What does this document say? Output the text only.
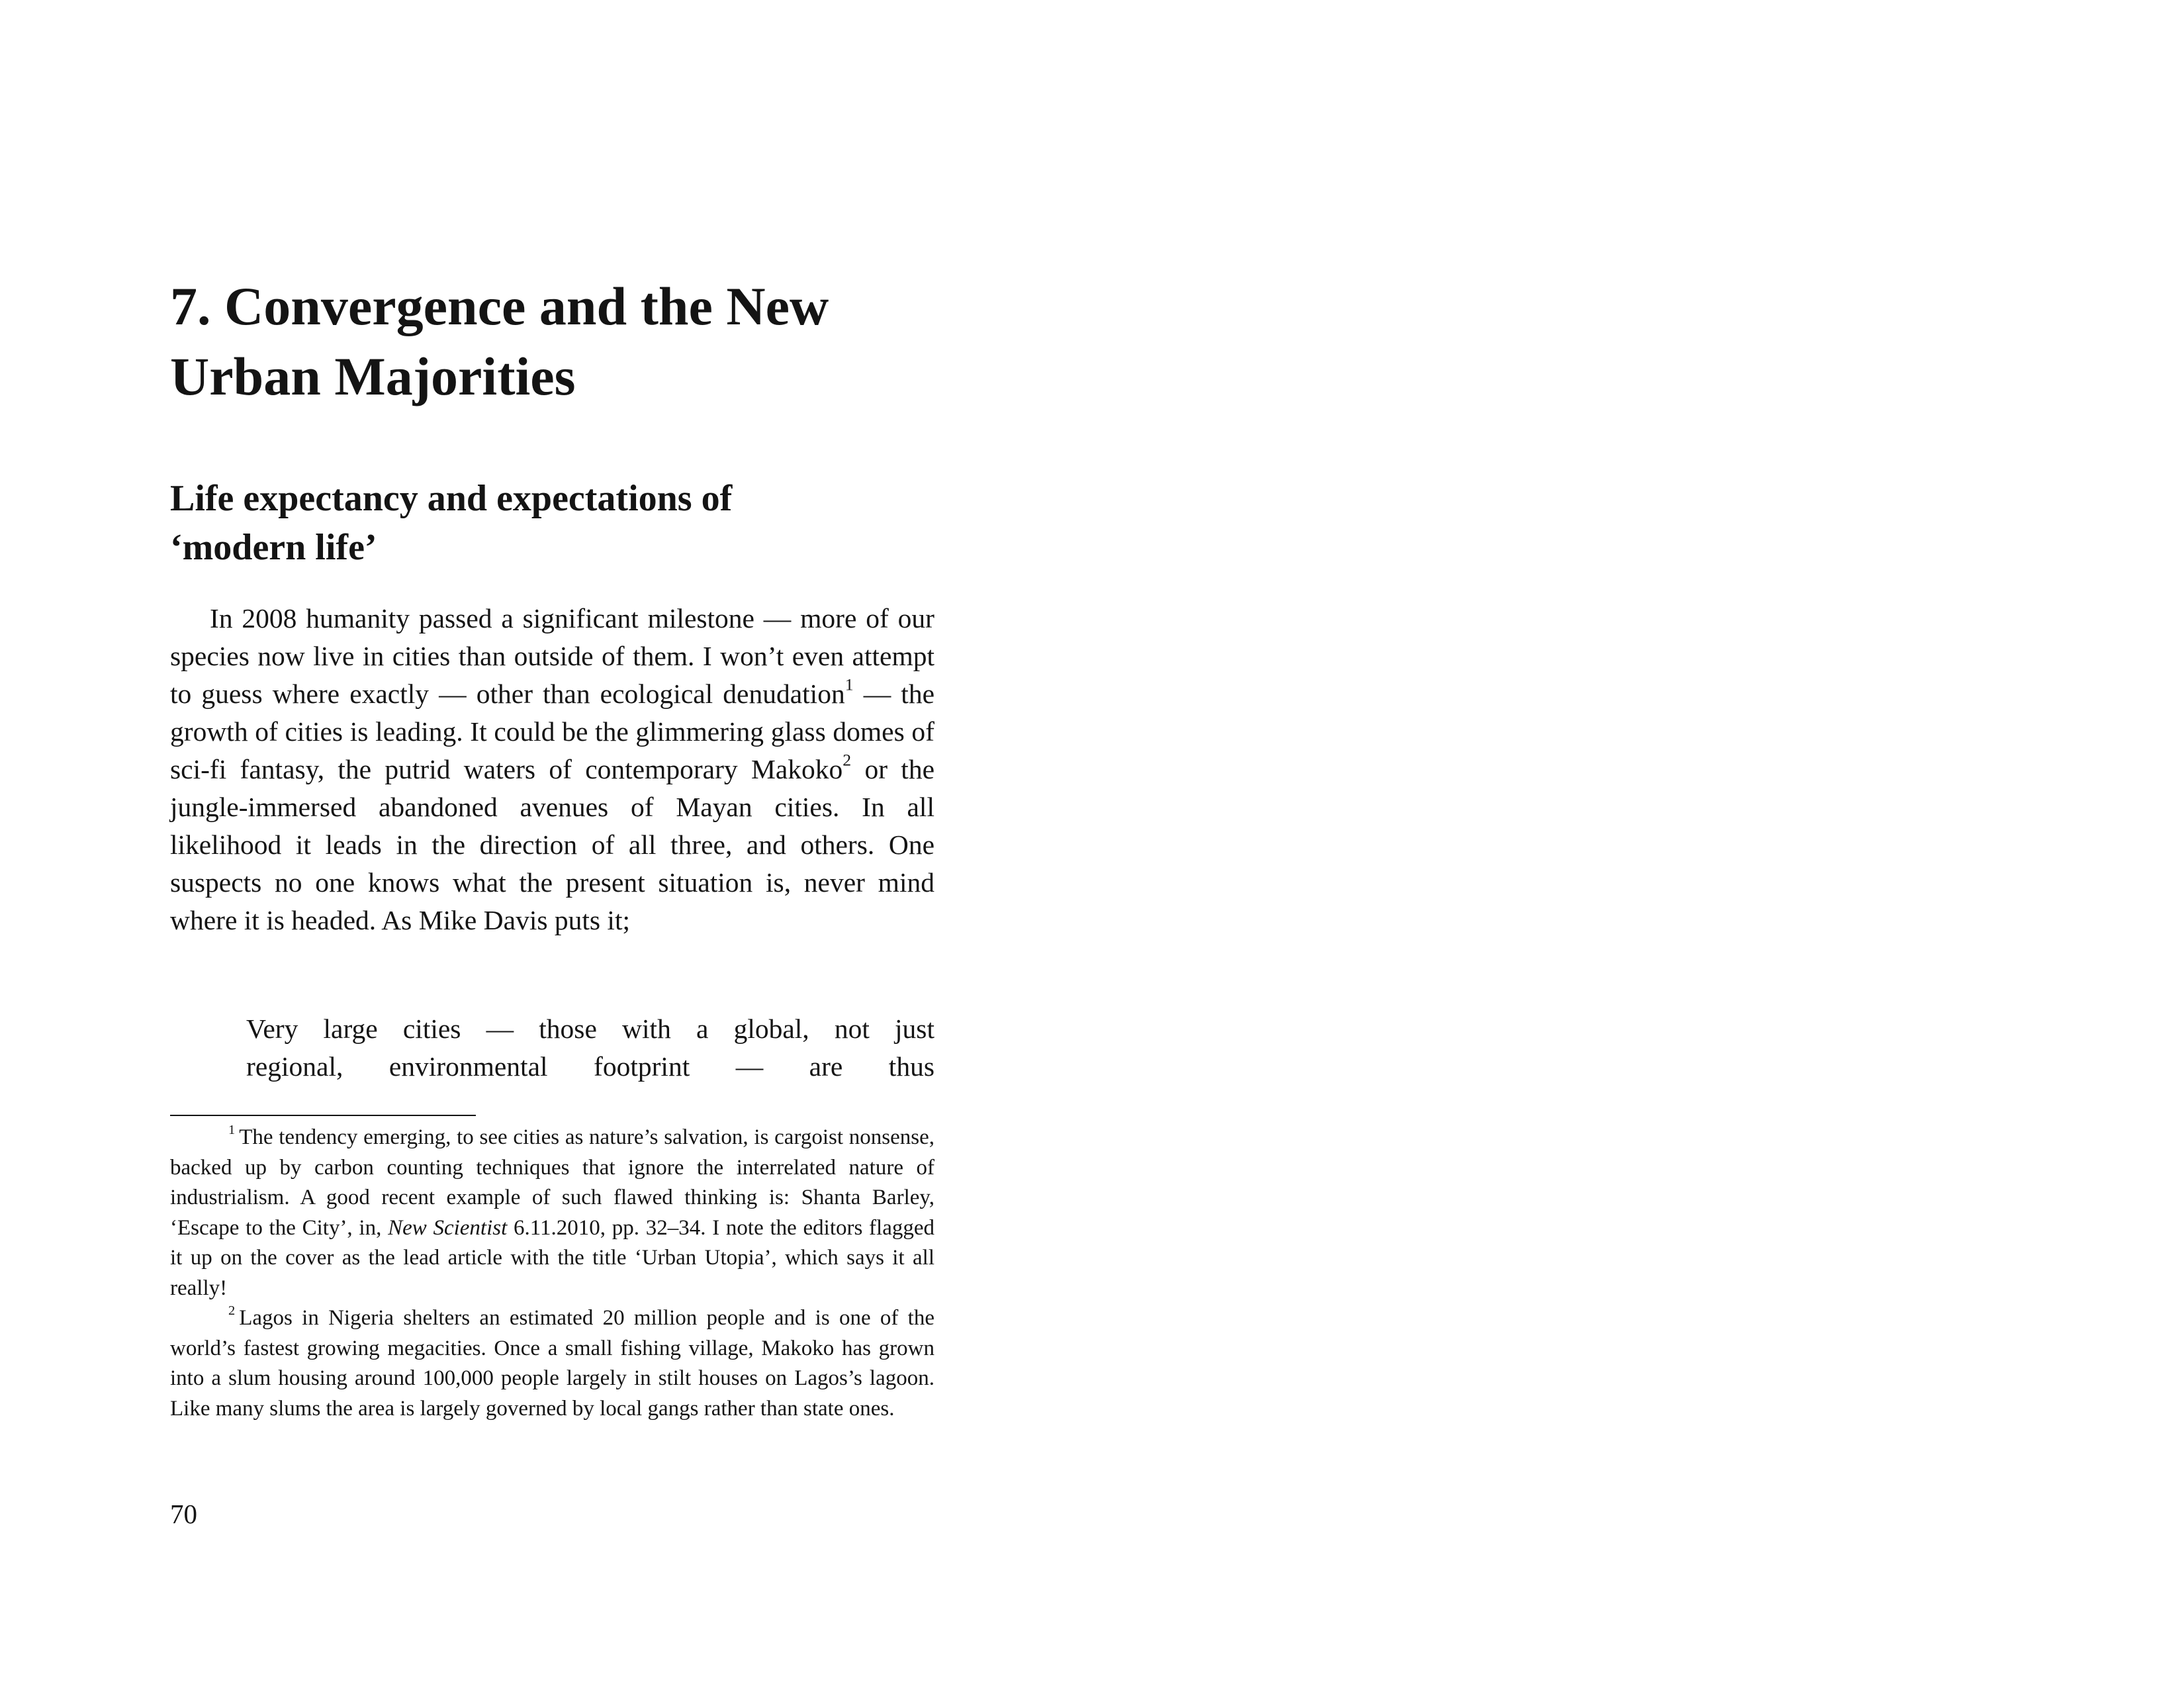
7. Convergence and the New
Urban Majorities
Life expectancy and expectations of
‘modern life’

In 2008 humanity passed a significant milestone — more of our species now live in cities than outside of them. I won’t even attempt to guess where exactly — other than ecological denudation$^1$ — the growth of cities is leading. It could be the glimmering glass domes of sci-fi fantasy, the putrid waters of contemporary Makoko$^2$ or the jungle-immersed abandoned avenues of Mayan cities. In all likelihood it leads in the direction of all three, and others. One suspects no one knows what the present situation is, never mind where it is headed. As Mike Davis puts it;

Very large cities — those with a global, not just
regional, environmental footprint — are thus

$^1$ The tendency emerging, to see cities as nature’s salvation, is cargoist nonsense, backed up by carbon counting techniques that ignore the interrelated nature of industrialism. A good recent example of such flawed thinking is: Shanta Barley, ‘Escape to the City’, in, New Scientist 6.11.2010, pp. 32–34. I note the editors flagged it up on the cover as the lead article with the title ‘Urban Utopia’, which says it all really!

$^2$ Lagos in Nigeria shelters an estimated 20 million people and is one of the world’s fastest growing megacities. Once a small fishing village, Makoko has grown into a slum housing around 100,000 people largely in stilt houses on Lagos’s lagoon. Like many slums the area is largely governed by local gangs rather than state ones.

70
